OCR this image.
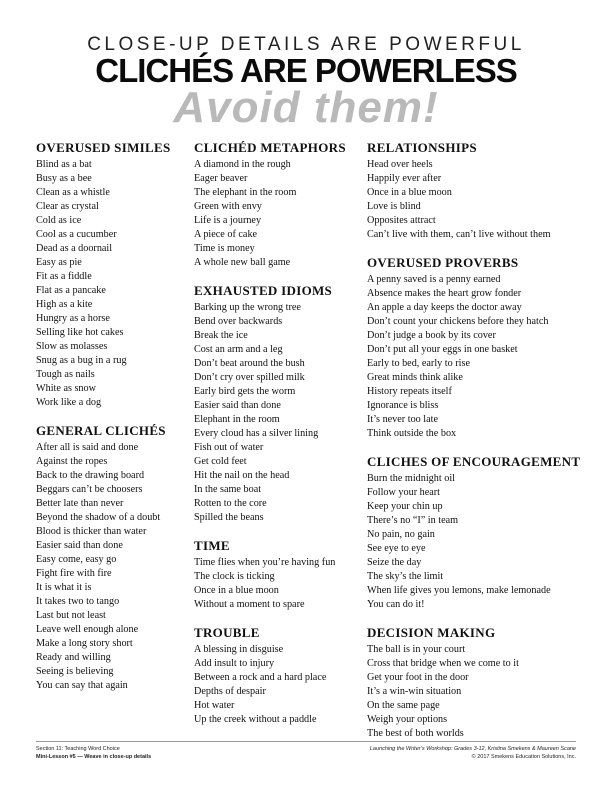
CLOSE-UP DETAILS ARE POWERFUL
CLICHÉS ARE POWERLESS
Avoid them!
OVERUSED SIMILES
Blind as a bat
Busy as a bee
Clean as a whistle
Clear as crystal
Cold as ice
Cool as a cucumber
Dead as a doornail
Easy as pie
Fit as a fiddle
Flat as a pancake
High as a kite
Hungry as a horse
Selling like hot cakes
Slow as molasses
Snug as a bug in a rug
Tough as nails
White as snow
Work like a dog
GENERAL CLICHÉS
After all is said and done
Against the ropes
Back to the drawing board
Beggars can’t be choosers
Better late than never
Beyond the shadow of a doubt
Blood is thicker than water
Easier said than done
Easy come, easy go
Fight fire with fire
It is what it is
It takes two to tango
Last but not least
Leave well enough alone
Make a long story short
Ready and willing
Seeing is believing
You can say that again
CLICHÉD METAPHORS
A diamond in the rough
Eager beaver
The elephant in the room
Green with envy
Life is a journey
A piece of cake
Time is money
A whole new ball game
EXHAUSTED IDIOMS
Barking up the wrong tree
Bend over backwards
Break the ice
Cost an arm and a leg
Don’t beat around the bush
Don’t cry over spilled milk
Early bird gets the worm
Easier said than done
Elephant in the room
Every cloud has a silver lining
Fish out of water
Get cold feet
Hit the nail on the head
In the same boat
Rotten to the core
Spilled the beans
TIME
Time flies when you’re having fun
The clock is ticking
Once in a blue moon
Without a moment to spare
TROUBLE
A blessing in disguise
Add insult to injury
Between a rock and a hard place
Depths of despair
Hot water
Up the creek without a paddle
RELATIONSHIPS
Head over heels
Happily ever after
Once in a blue moon
Love is blind
Opposites attract
Can’t live with them, can’t live without them
OVERUSED PROVERBS
A penny saved is a penny earned
Absence makes the heart grow fonder
An apple a day keeps the doctor away
Don’t count your chickens before they hatch
Don’t judge a book by its cover
Don’t put all your eggs in one basket
Early to bed, early to rise
Great minds think alike
History repeats itself
Ignorance is bliss
It’s never too late
Think outside the box
CLICHES OF ENCOURAGEMENT
Burn the midnight oil
Follow your heart
Keep your chin up
There’s no “I” in team
No pain, no gain
See eye to eye
Seize the day
The sky’s the limit
When life gives you lemons, make lemonade
You can do it!
DECISION MAKING
The ball is in your court
Cross that bridge when we come to it
Get your foot in the door
It’s a win-win situation
On the same page
Weigh your options
The best of both worlds
Section 11: Teaching Word Choice
Mini-Lesson #5 — Weave in close-up details
Launching the Writer’s Workshop: Grades 3-12, Kristina Smekens & Maureen Scane
© 2017 Smekens Education Solutions, Inc.
